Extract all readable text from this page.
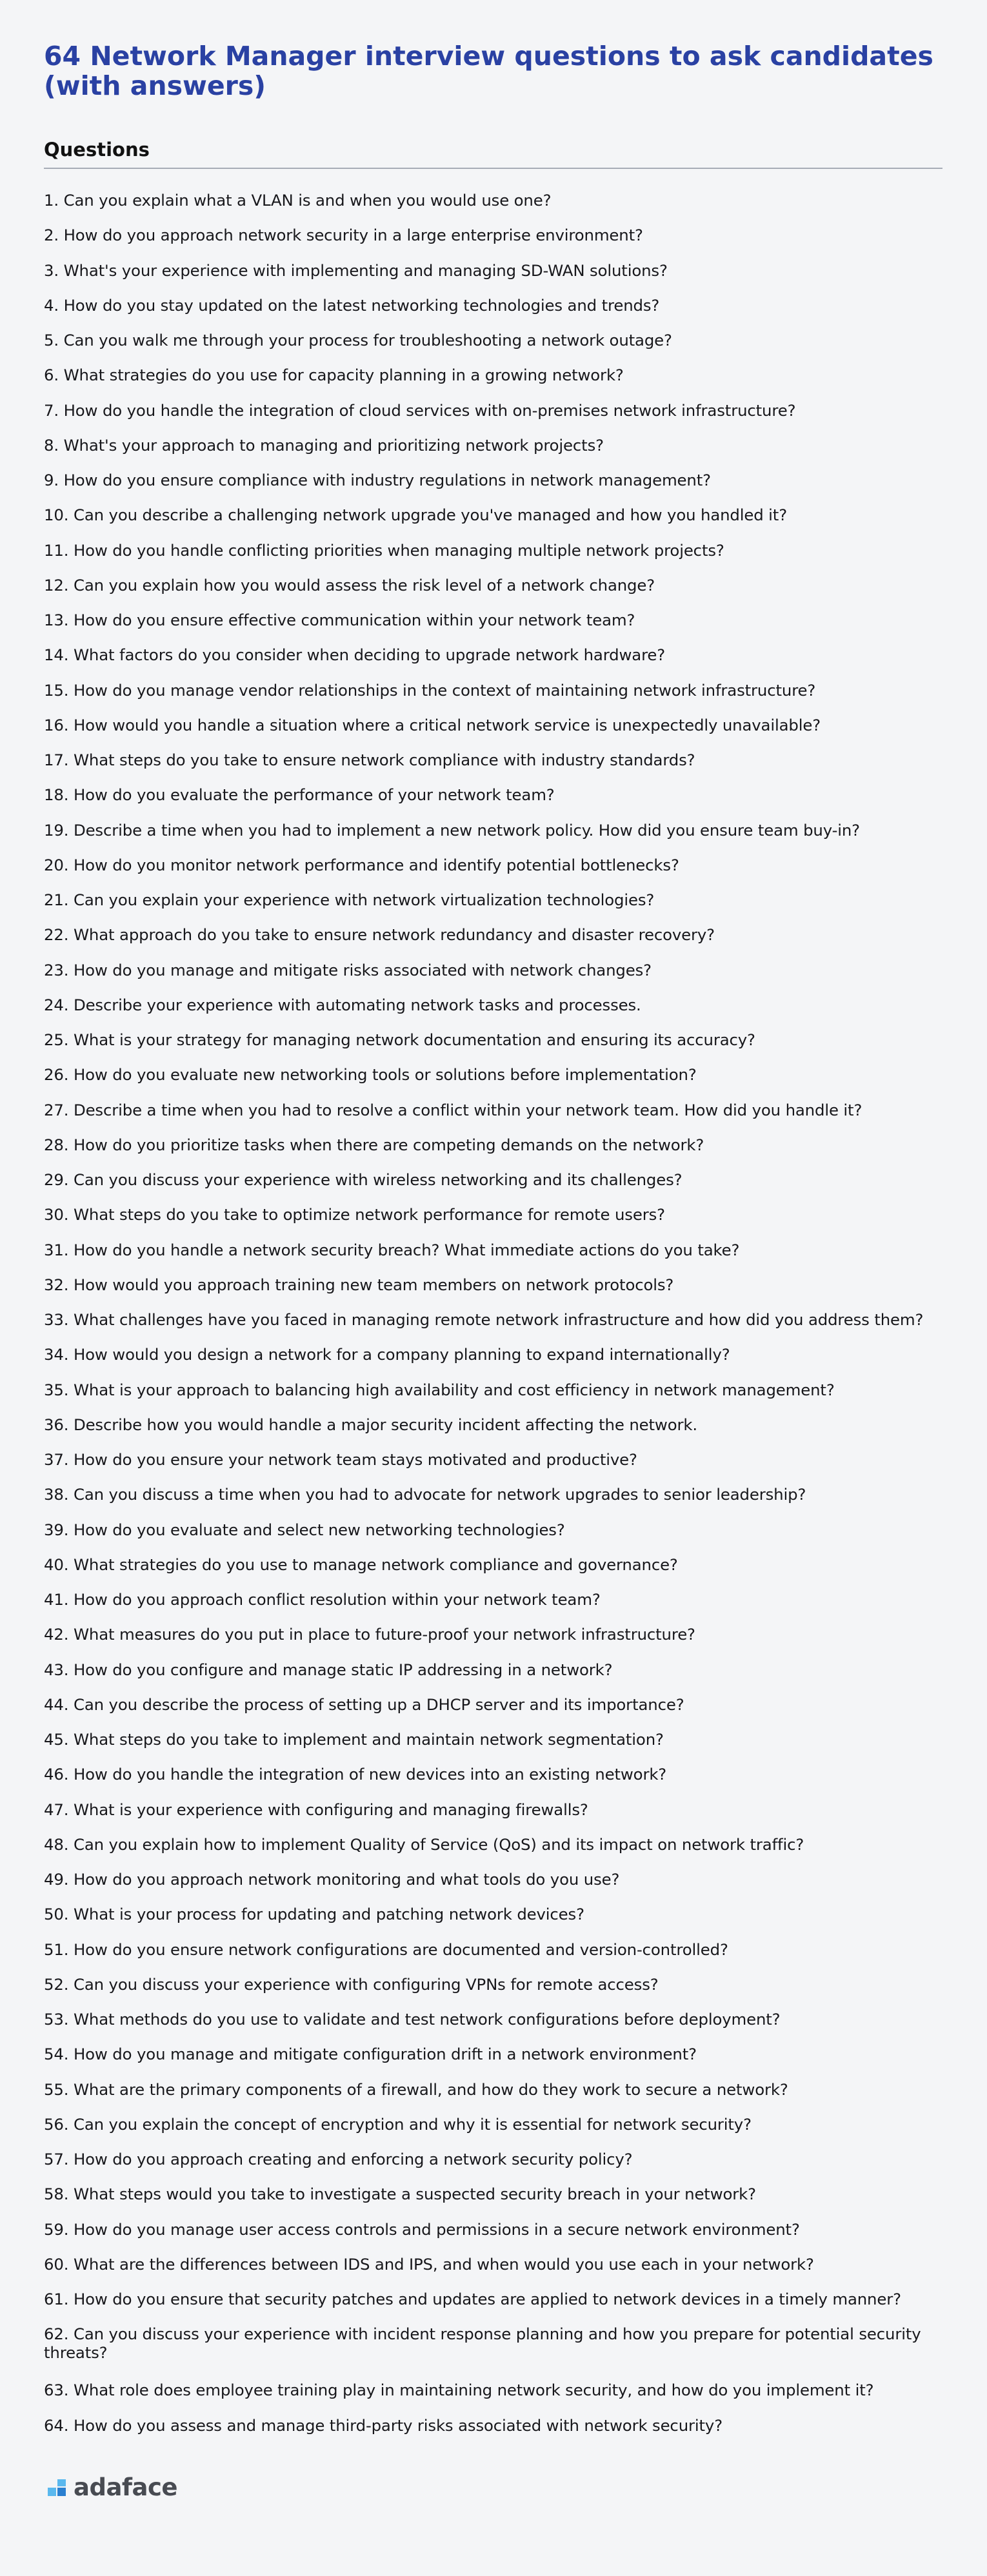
64 Network Manager interview questions to ask candidates (with answers)
Questions
1. Can you explain what a VLAN is and when you would use one?
2. How do you approach network security in a large enterprise environment?
3. What's your experience with implementing and managing SD-WAN solutions?
4. How do you stay updated on the latest networking technologies and trends?
5. Can you walk me through your process for troubleshooting a network outage?
6. What strategies do you use for capacity planning in a growing network?
7. How do you handle the integration of cloud services with on-premises network infrastructure?
8. What's your approach to managing and prioritizing network projects?
9. How do you ensure compliance with industry regulations in network management?
10. Can you describe a challenging network upgrade you've managed and how you handled it?
11. How do you handle conflicting priorities when managing multiple network projects?
12. Can you explain how you would assess the risk level of a network change?
13. How do you ensure effective communication within your network team?
14. What factors do you consider when deciding to upgrade network hardware?
15. How do you manage vendor relationships in the context of maintaining network infrastructure?
16. How would you handle a situation where a critical network service is unexpectedly unavailable?
17. What steps do you take to ensure network compliance with industry standards?
18. How do you evaluate the performance of your network team?
19. Describe a time when you had to implement a new network policy. How did you ensure team buy-in?
20. How do you monitor network performance and identify potential bottlenecks?
21. Can you explain your experience with network virtualization technologies?
22. What approach do you take to ensure network redundancy and disaster recovery?
23. How do you manage and mitigate risks associated with network changes?
24. Describe your experience with automating network tasks and processes.
25. What is your strategy for managing network documentation and ensuring its accuracy?
26. How do you evaluate new networking tools or solutions before implementation?
27. Describe a time when you had to resolve a conflict within your network team. How did you handle it?
28. How do you prioritize tasks when there are competing demands on the network?
29. Can you discuss your experience with wireless networking and its challenges?
30. What steps do you take to optimize network performance for remote users?
31. How do you handle a network security breach? What immediate actions do you take?
32. How would you approach training new team members on network protocols?
33. What challenges have you faced in managing remote network infrastructure and how did you address them?
34. How would you design a network for a company planning to expand internationally?
35. What is your approach to balancing high availability and cost efficiency in network management?
36. Describe how you would handle a major security incident affecting the network.
37. How do you ensure your network team stays motivated and productive?
38. Can you discuss a time when you had to advocate for network upgrades to senior leadership?
39. How do you evaluate and select new networking technologies?
40. What strategies do you use to manage network compliance and governance?
41. How do you approach conflict resolution within your network team?
42. What measures do you put in place to future-proof your network infrastructure?
43. How do you configure and manage static IP addressing in a network?
44. Can you describe the process of setting up a DHCP server and its importance?
45. What steps do you take to implement and maintain network segmentation?
46. How do you handle the integration of new devices into an existing network?
47. What is your experience with configuring and managing firewalls?
48. Can you explain how to implement Quality of Service (QoS) and its impact on network traffic?
49. How do you approach network monitoring and what tools do you use?
50. What is your process for updating and patching network devices?
51. How do you ensure network configurations are documented and version-controlled?
52. Can you discuss your experience with configuring VPNs for remote access?
53. What methods do you use to validate and test network configurations before deployment?
54. How do you manage and mitigate configuration drift in a network environment?
55. What are the primary components of a firewall, and how do they work to secure a network?
56. Can you explain the concept of encryption and why it is essential for network security?
57. How do you approach creating and enforcing a network security policy?
58. What steps would you take to investigate a suspected security breach in your network?
59. How do you manage user access controls and permissions in a secure network environment?
60. What are the differences between IDS and IPS, and when would you use each in your network?
61. How do you ensure that security patches and updates are applied to network devices in a timely manner?
62. Can you discuss your experience with incident response planning and how you prepare for potential security threats?
63. What role does employee training play in maintaining network security, and how do you implement it?
64. How do you assess and manage third-party risks associated with network security?
adaface
